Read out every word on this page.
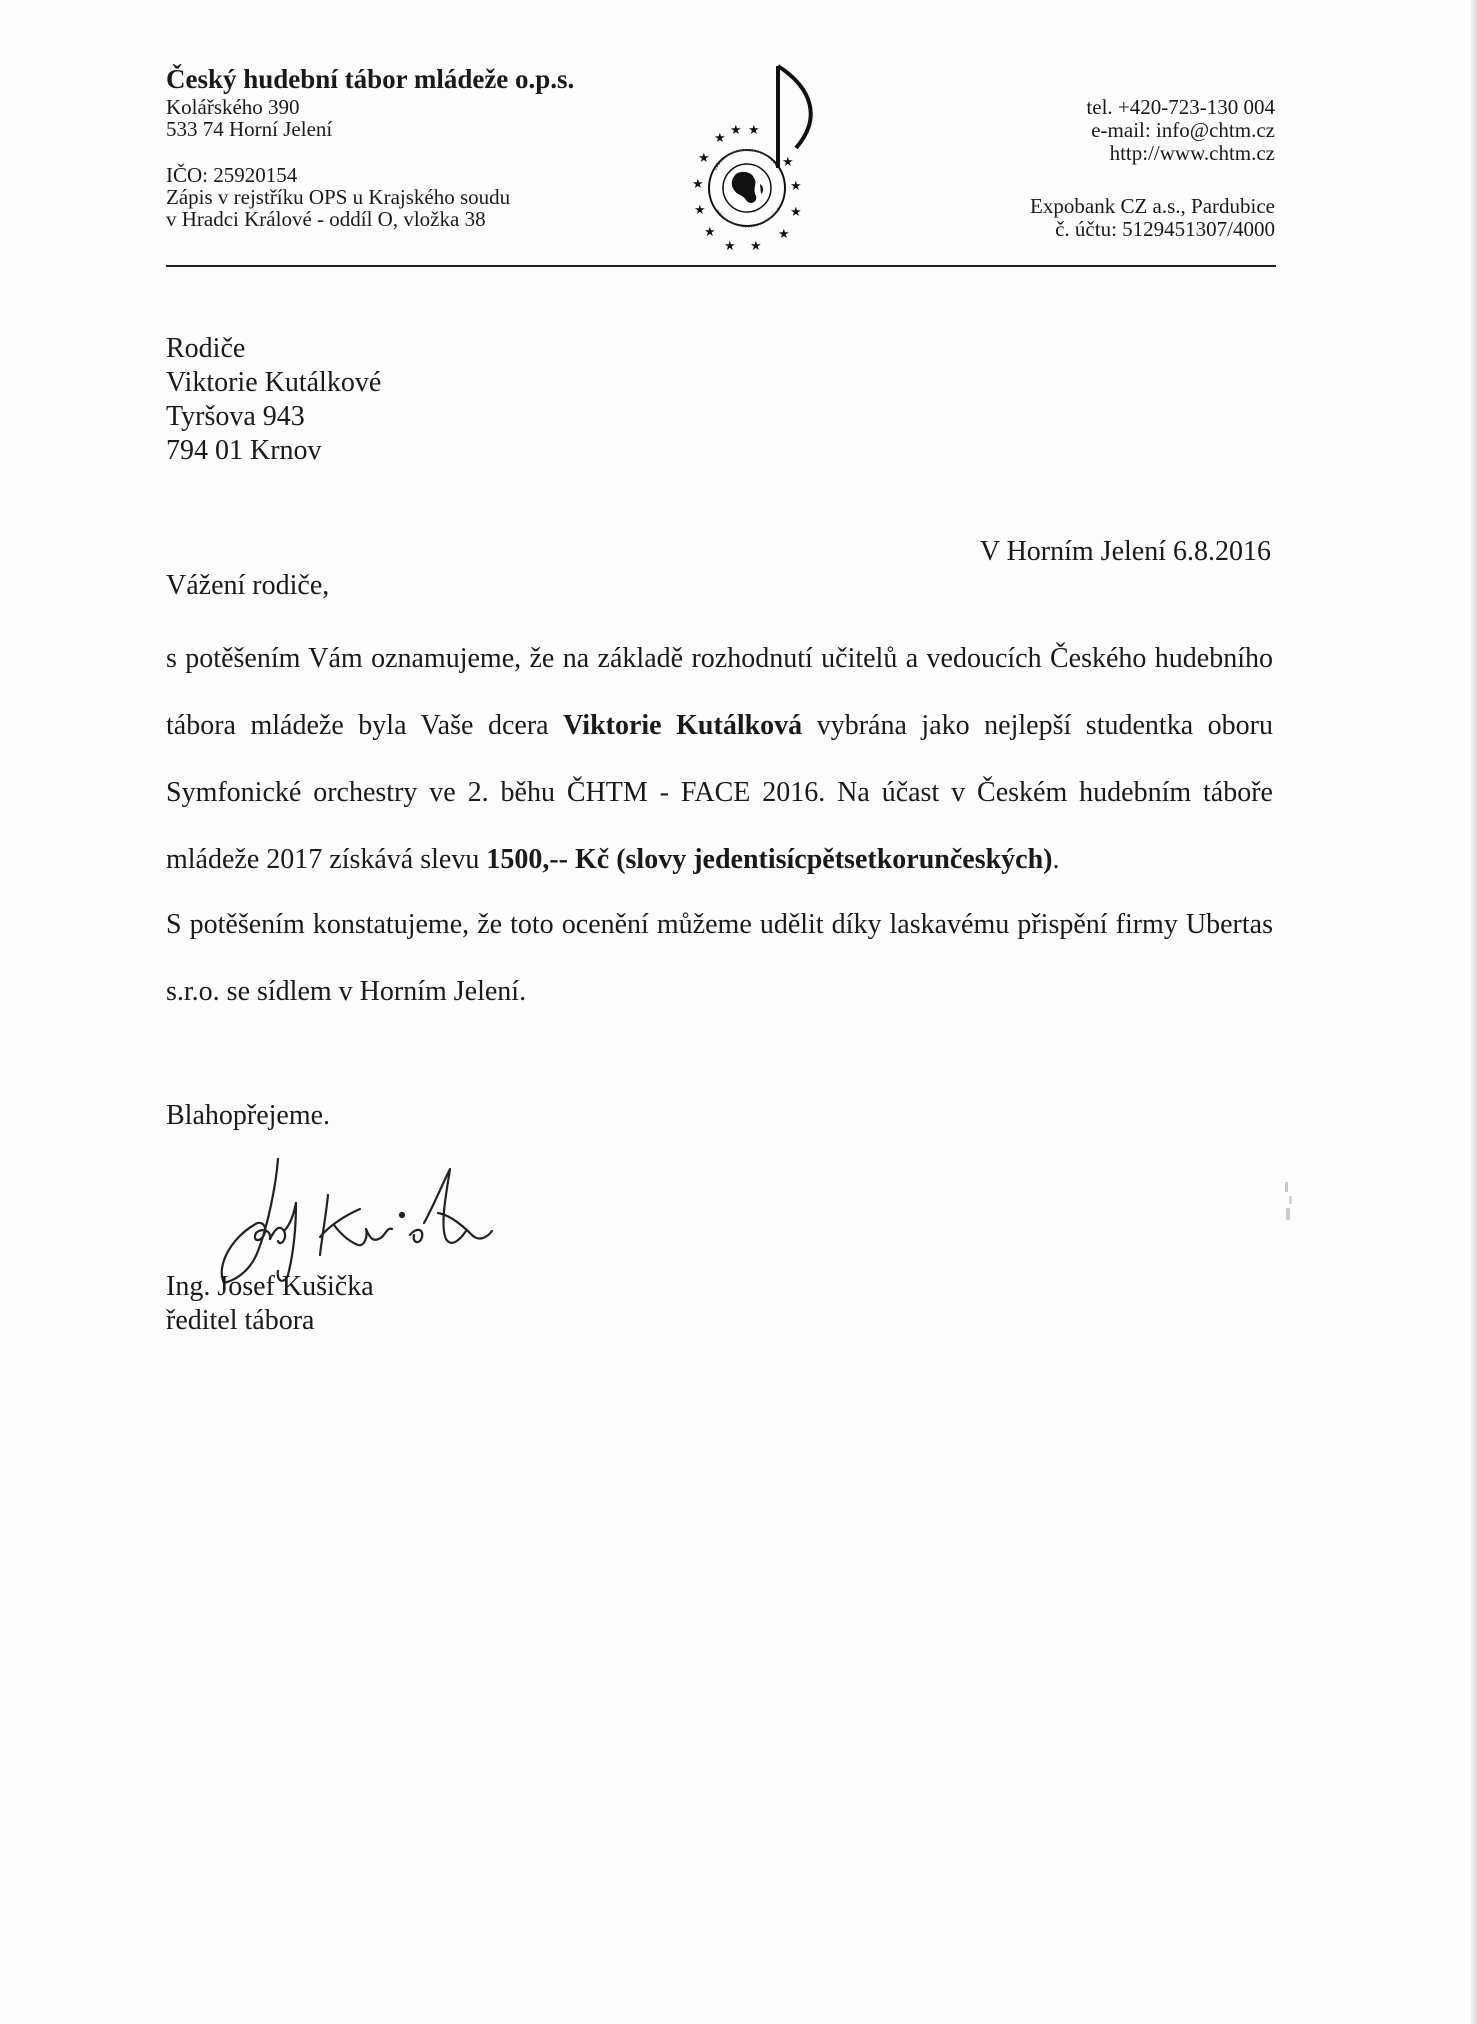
Český hudební tábor mládeže o.p.s.
Kolářského 390
533 74 Horní Jelení
IČO: 25920154
Zápis v rejstříku OPS u Krajského soudu
v Hradci Králové - oddíl O, vložka 38
★
★ ★
★	★
★	★
★	★
★	★
★ ★
tel. +420-723-130 004
e-mail: info@chtm.cz
http://www.chtm.cz
Expobank CZ a.s., Pardubice
č. účtu: 5129451307/4000
Rodiče
Viktorie Kutálkové
Tyršova 943
794 01 Krnov
V Horním Jelení 6.8.2016
Vážení rodiče,

s potěšením Vám oznamujeme, že na základě rozhodnutí učitelů a vedoucích Českého hudebního tábora mládeže byla Vaše dcera Viktorie Kutálková vybrána jako nejlepší studentka oboru Symfonické orchestry ve 2. běhu ČHTM - FACE 2016. Na účast v Českém hudebním táboře mládeže 2017 získává slevu 1500,-- Kč (slovy jedentisícpětsetkorunčeských).

S potěšením konstatujeme, že toto ocenění můžeme udělit díky laskavému přispění firmy Ubertas s.r.o. se sídlem v Horním Jelení.

Blahopřejeme.
Ing. Josef Kušička
ředitel tábora
